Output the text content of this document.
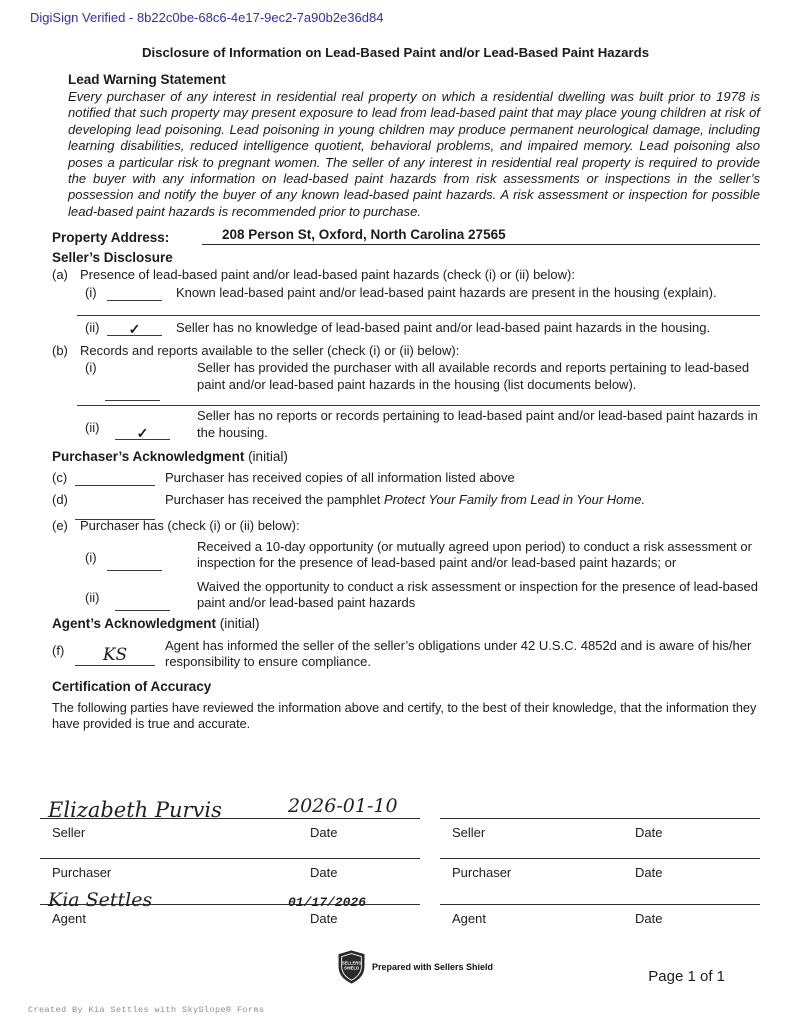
DigiSign Verified - 8b22c0be-68c6-4e17-9ec2-7a90b2e36d84
Disclosure of Information on Lead-Based Paint and/or Lead-Based Paint Hazards
Lead Warning Statement
Every purchaser of any interest in residential real property on which a residential dwelling was built prior to 1978 is notified that such property may present exposure to lead from lead-based paint that may place young children at risk of developing lead poisoning. Lead poisoning in young children may produce permanent neurological damage, including learning disabilities, reduced intelligence quotient, behavioral problems, and impaired memory. Lead poisoning also poses a particular risk to pregnant women. The seller of any interest in residential real property is required to provide the buyer with any information on lead-based paint hazards from risk assessments or inspections in the seller’s possession and notify the buyer of any known lead-based paint hazards. A risk assessment or inspection for possible lead-based paint hazards is recommended prior to purchase.
Property Address:	208 Person St, Oxford, North Carolina 27565
Seller’s Disclosure
(a) Presence of lead-based paint and/or lead-based paint hazards (check (i) or (ii) below):
(i)	Known lead-based paint and/or lead-based paint hazards are present in the housing (explain).
(ii)	✓	Seller has no knowledge of lead-based paint and/or lead-based paint hazards in the housing.
(b) Records and reports available to the seller (check (i) or (ii) below):
(i)	Seller has provided the purchaser with all available records and reports pertaining to lead-based paint and/or lead-based paint hazards in the housing (list documents below).
(ii)	✓
Seller has no reports or records pertaining to lead-based paint and/or lead-based paint hazards in the housing.
Purchaser’s Acknowledgment (initial)
(c)	Purchaser has received copies of all information listed above
(d)	Purchaser has received the pamphlet Protect Your Family from Lead in Your Home.
(e) Purchaser has (check (i) or (ii) below):
(i)
Received a 10-day opportunity (or mutually agreed upon period) to conduct a risk assessment or inspection for the presence of lead-based paint and/or lead-based paint hazards; or
(ii)
Waived the opportunity to conduct a risk assessment or inspection for the presence of lead-based paint and/or lead-based paint hazards
Agent’s Acknowledgment (initial)
(f)	KS	Agent has informed the seller of the seller’s obligations under 42 U.S.C. 4852d and is aware of his/her responsibility to ensure compliance.
Certification of Accuracy
The following parties have reviewed the information above and certify, to the best of their knowledge, that the information they have provided is true and accurate.
Elizabeth Purvis	2026-01-10
Seller	Date	Seller	Date
Purchaser	Date	Purchaser	Date
Kia Settles	01/17/2026
Agent	Date	Agent	Date
SELLERS
SHIELD Prepared with Sellers Shield
Page 1 of 1
Created By Kia Settles with SkySlope® Forms
